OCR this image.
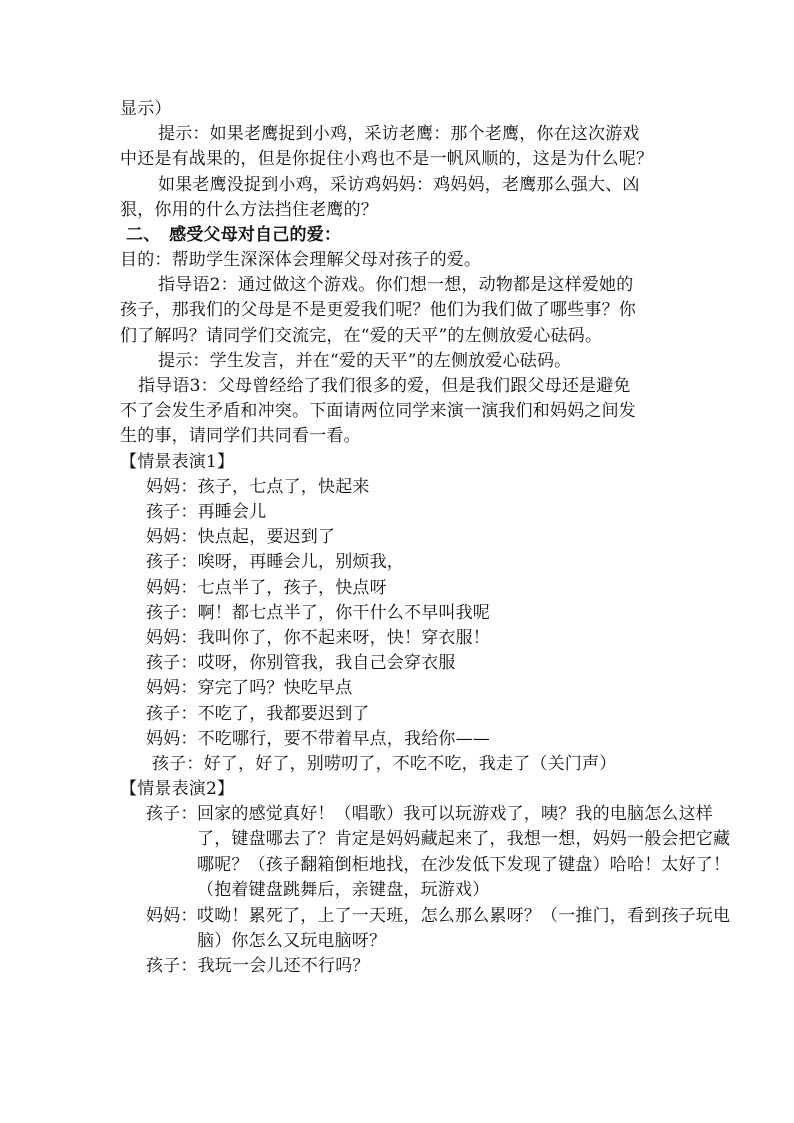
显示）
提示：如果老鹰捉到小鸡，采访老鹰：那个老鹰，你在这次游戏
中还是有战果的，但是你捉住小鸡也不是一帆风顺的，这是为什么呢？
如果老鹰没捉到小鸡，采访鸡妈妈：鸡妈妈，老鹰那么强大、凶
狠，你用的什么方法挡住老鹰的？
二、　感受父母对自己的爱：
目的：帮助学生深深体会理解父母对孩子的爱。
指导语2：通过做这个游戏。你们想一想，动物都是这样爱她的
孩子，那我们的父母是不是更爱我们呢？他们为我们做了哪些事？你
们了解吗？请同学们交流完，在“爱的天平”的左侧放爱心砝码。
提示：学生发言，并在“爱的天平”的左侧放爱心砝码。
指导语3：父母曾经给了我们很多的爱，但是我们跟父母还是避免
不了会发生矛盾和冲突。下面请两位同学来演一演我们和妈妈之间发
生的事，请同学们共同看一看。
【情景表演1】
妈妈：孩子，七点了，快起来
孩子：再睡会儿
妈妈：快点起，要迟到了
孩子：唉呀，再睡会儿，别烦我，
妈妈：七点半了，孩子，快点呀
孩子：啊！都七点半了，你干什么不早叫我呢
妈妈：我叫你了，你不起来呀，快！穿衣服！
孩子：哎呀，你别管我，我自己会穿衣服
妈妈：穿完了吗？快吃早点
孩子：不吃了，我都要迟到了
妈妈：不吃哪行，要不带着早点，我给你——
孩子：好了，好了，别唠叨了，不吃不吃，我走了（关门声）
【情景表演2】
孩子： 回家的感觉真好！（唱歌）我可以玩游戏了，咦？我的电脑怎么这样了，键盘哪去了？肯定是妈妈藏起来了，我想一想，妈妈一般会把它藏哪呢？（孩子翻箱倒柜地找，在沙发低下发现了键盘）哈哈！太好了！（抱着键盘跳舞后，亲键盘，玩游戏）
妈妈： 哎呦！累死了，上了一天班，怎么那么累呀？（一推门，看到孩子玩电脑）你怎么又玩电脑呀？
孩子：我玩一会儿还不行吗？
